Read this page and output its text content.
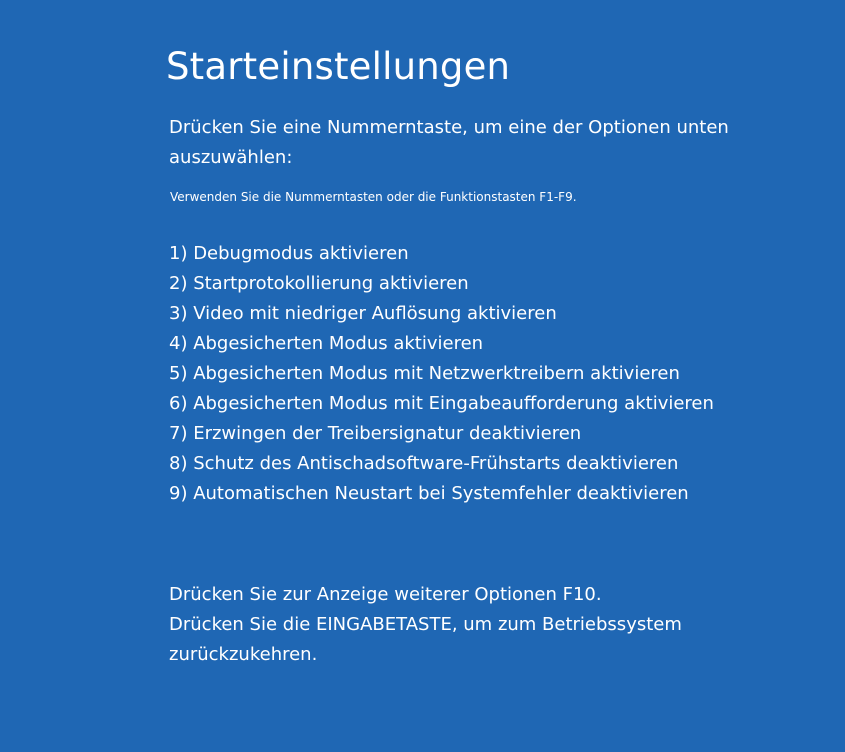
Starteinstellungen

Drücken Sie eine Nummerntaste, um eine der Optionen unten auszuwählen:

Verwenden Sie die Nummerntasten oder die Funktionstasten F1-F9.

1) Debugmodus aktivieren
2) Startprotokollierung aktivieren
3) Video mit niedriger Auflösung aktivieren
4) Abgesicherten Modus aktivieren
5) Abgesicherten Modus mit Netzwerktreibern aktivieren
6) Abgesicherten Modus mit Eingabeaufforderung aktivieren
7) Erzwingen der Treibersignatur deaktivieren
8) Schutz des Antischadsoftware-Frühstarts deaktivieren
9) Automatischen Neustart bei Systemfehler deaktivieren

Drücken Sie zur Anzeige weiterer Optionen F10.

Drücken Sie die EINGABETASTE, um zum Betriebssystem zurückzukehren.
